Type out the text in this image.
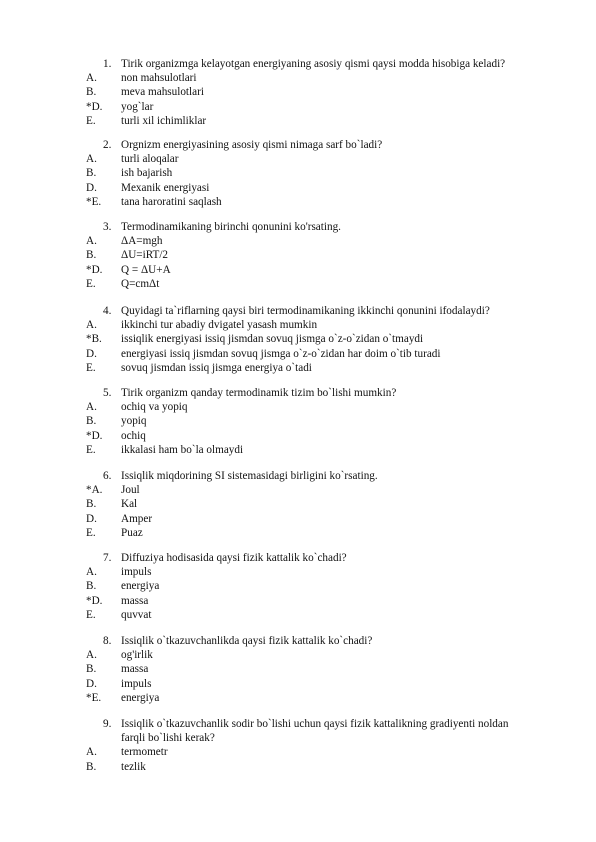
1. Tirik organizmga kelayotgan energiyaning asosiy qismi qaysi modda hisobiga keladi?
A. non mahsulotlari
B. meva mahsulotlari
*D. yog`lar
E. turli xil ichimliklar
2. Orgnizm energiyasining asosiy qismi nimaga sarf bo`ladi?
A. turli aloqalar
B. ish bajarish
D. Mexanik energiyasi
*E. tana haroratini saqlash
3. Termodinamikaning birinchi qonunini ko'rsating.
A. ΔA=mgh
B. ΔU=iRT/2
*D. Q = ΔU+A
E. Q=cmΔt
4. Quyidagi ta`riflarning qaysi biri termodinamikaning ikkinchi qonunini ifodalaydi?
A. ikkinchi tur abadiy dvigatel yasash mumkin
*B. issiqlik energiyasi issiq jismdan sovuq jismga o`z-o`zidan o`tmaydi
D. energiyasi issiq jismdan sovuq jismga o`z-o`zidan har doim o`tib turadi
E. sovuq jismdan issiq jismga energiya o`tadi
5. Tirik organizm qanday termodinamik tizim bo`lishi mumkin?
A. ochiq va yopiq
B. yopiq
*D. ochiq
E. ikkalasi ham bo`la olmaydi
6. Issiqlik miqdorining SI sistemasidagi birligini ko`rsating.
*A. Joul
B. Kal
D. Amper
E. Puaz
7. Diffuziya hodisasida qaysi fizik kattalik ko`chadi?
A. impuls
B. energiya
*D. massa
E. quvvat
8. Issiqlik o`tkazuvchanlikda qaysi fizik kattalik ko`chadi?
A. og'irlik
B. massa
D. impuls
*E. energiya
9. Issiqlik o`tkazuvchanlik sodir bo`lishi uchun qaysi fizik kattalikning gradiyenti noldan
farqli bo`lishi kerak?
A. termometr
B. tezlik
